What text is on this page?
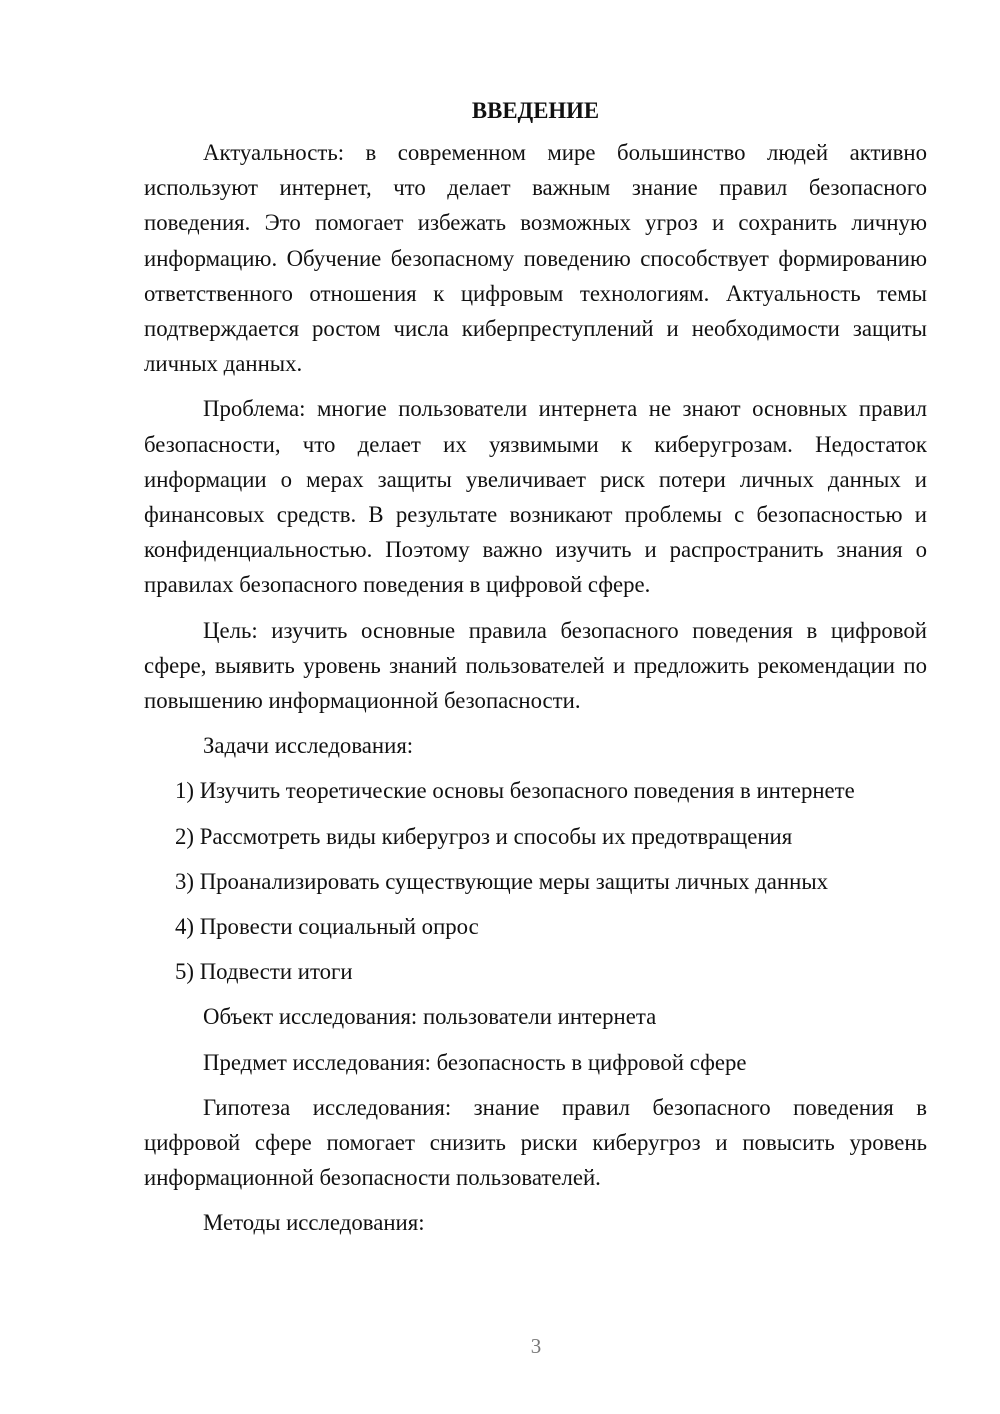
ВВЕДЕНИЕ

Актуальность: в современном мире большинство людей активно используют интернет, что делает важным знание правил безопасного поведения. Это помогает избежать возможных угроз и сохранить личную информацию. Обучение безопасному поведению способствует формированию ответственного отношения к цифровым технологиям. Актуальность темы подтверждается ростом числа киберпреступлений и необходимости защиты личных данных.

Проблема: многие пользователи интернета не знают основных правил безопасности, что делает их уязвимыми к киберугрозам. Недостаток информации о мерах защиты увеличивает риск потери личных данных и финансовых средств. В результате возникают проблемы с безопасностью и конфиденциальностью. Поэтому важно изучить и распространить знания о правилах безопасного поведения в цифровой сфере.

Цель: изучить основные правила безопасного поведения в цифровой сфере, выявить уровень знаний пользователей и предложить рекомендации по повышению информационной безопасности.

Задачи исследования:

1) Изучить теоретические основы безопасного поведения в интернете
2) Рассмотреть виды киберугроз и способы их предотвращения
3) Проанализировать существующие меры защиты личных данных
4) Провести социальный опрос
5) Подвести итоги

Объект исследования: пользователи интернета

Предмет исследования: безопасность в цифровой сфере

Гипотеза исследования: знание правил безопасного поведения в цифровой сфере помогает снизить риски киберугроз и повысить уровень информационной безопасности пользователей.

Методы исследования:

3
